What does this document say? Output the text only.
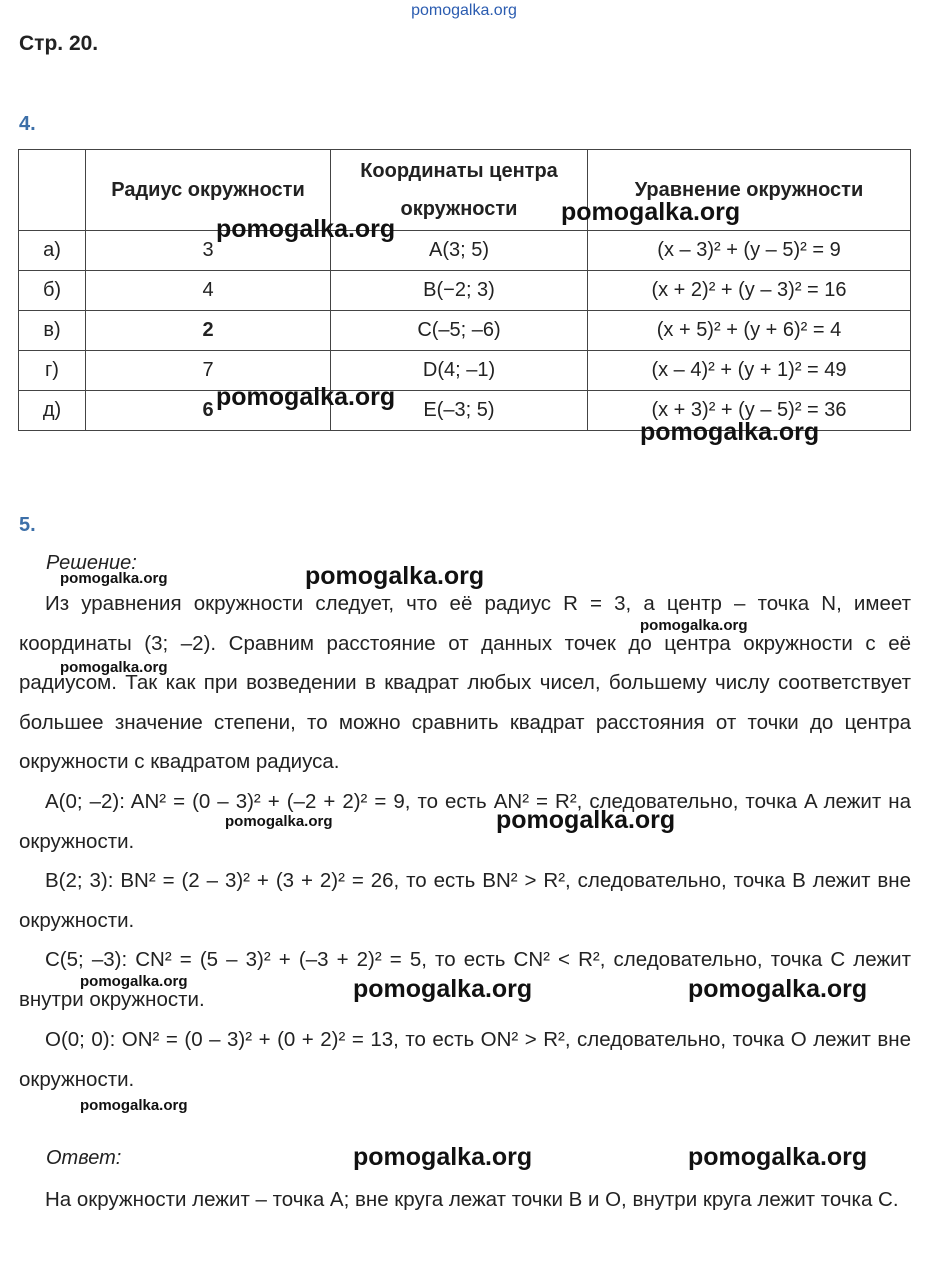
pomogalka.org
Стр. 20.
4.
	Радиус окружности	Координаты центра окружности	Уравнение окружности
а)	3	А(3; 5)	(x – 3)² + (y – 5)² = 9
б)	4	В(−2; 3)	(x + 2)² + (y – 3)² = 16
в)	2	С(–5; –6)	(x + 5)² + (y + 6)² = 4
г)	7	D(4; –1)	(x – 4)² + (y + 1)² = 49
д)	6	E(–3; 5)	(x + 3)² + (y – 5)² = 36
5.
Решение:
Из уравнения окружности следует, что её радиус R = 3, а центр – точка N, имеет координаты (3; –2). Сравним расстояние от данных точек до центра окружности с её радиусом. Так как при возведении в квадрат любых чисел, большему числу соответствует большее значение степени, то можно сравнить квадрат расстояния от точки до центра окружности с квадратом радиуса.
A(0; –2): AN² = (0 – 3)² + (–2 + 2)² = 9, то есть AN² = R², следовательно, точка A лежит на окружности.
B(2; 3): BN² = (2 – 3)² + (3 + 2)² = 26, то есть BN² > R², следовательно, точка B лежит вне окружности.
C(5; –3): CN² = (5 – 3)² + (–3 + 2)² = 5, то есть CN² < R², следовательно, точка C лежит внутри окружности.
O(0; 0): ON² = (0 – 3)² + (0 + 2)² = 13, то есть ON² > R², следовательно, точка O лежит вне окружности.
Ответ:
На окружности лежит – точка A; вне круга лежат точки B и O, внутри круга лежит точка C.
pomogalka.org
pomogalka.org
pomogalka.org
pomogalka.org
pomogalka.org
pomogalka.org
pomogalka.org
pomogalka.org
pomogalka.org	pomogalka.org
pomogalka.org	pomogalka.org	pomogalka.org
pomogalka.org
pomogalka.org	pomogalka.org
